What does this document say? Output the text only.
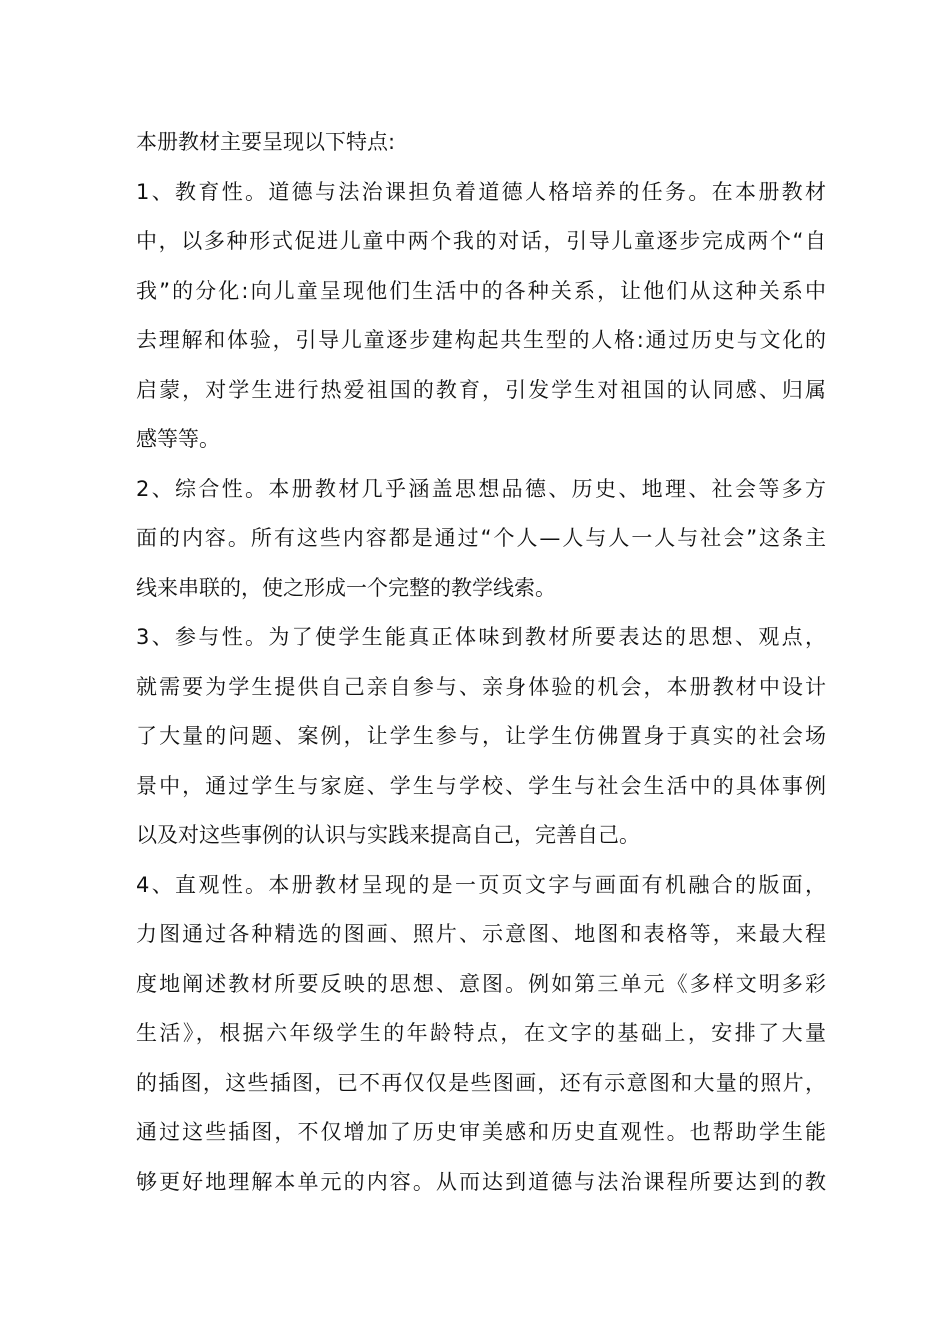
本册教材主要呈现以下特点:
1、教育性。道德与法治课担负着道德人格培养的任务。在本册教材
中，以多种形式促进儿童中两个我的对话，引导儿童逐步完成两个“自
我”的分化:向儿童呈现他们生活中的各种关系，让他们从这种关系中
去理解和体验，引导儿童逐步建构起共生型的人格:通过历史与文化的
启蒙，对学生进行热爱祖国的教育，引发学生对祖国的认同感、归属
感等等。
2、综合性。本册教材几乎涵盖思想品德、历史、地理、社会等多方
面的内容。所有这些内容都是通过“个人—人与人一人与社会”这条主
线来串联的，使之形成一个完整的教学线索。
3、参与性。为了使学生能真正体味到教材所要表达的思想、观点，
就需要为学生提供自己亲自参与、亲身体验的机会，本册教材中设计
了大量的问题、案例，让学生参与，让学生仿佛置身于真实的社会场
景中，通过学生与家庭、学生与学校、学生与社会生活中的具体事例
以及对这些事例的认识与实践来提高自己，完善自己。
4、直观性。本册教材呈现的是一页页文字与画面有机融合的版面，
力图通过各种精选的图画、照片、示意图、地图和表格等，来最大程
度地阐述教材所要反映的思想、意图。例如第三单元《多样文明多彩
生活》，根据六年级学生的年龄特点，在文字的基础上，安排了大量
的插图，这些插图，已不再仅仅是些图画，还有示意图和大量的照片，
通过这些插图，不仅增加了历史审美感和历史直观性。也帮助学生能
够更好地理解本单元的内容。从而达到道德与法治课程所要达到的教
